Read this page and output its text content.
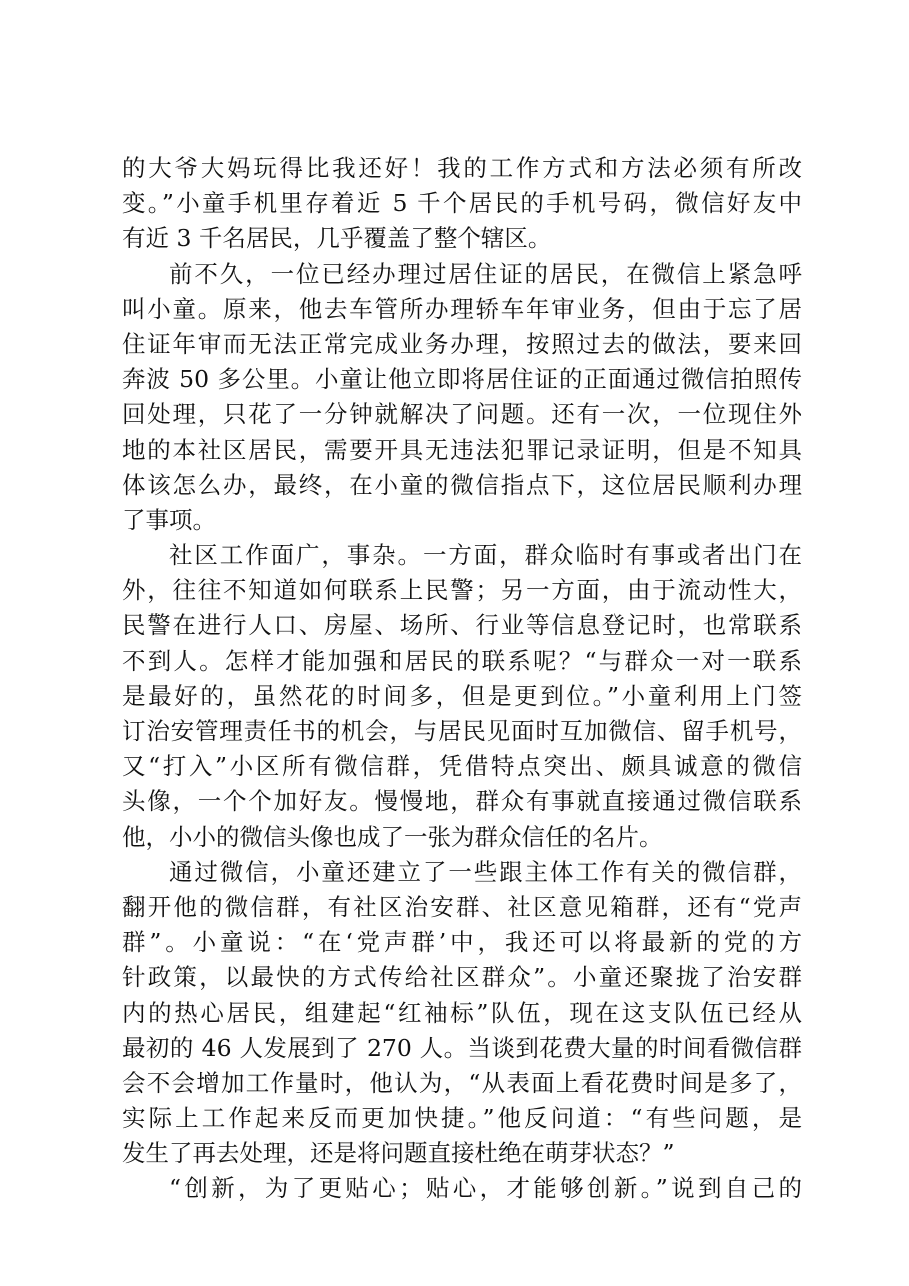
的大爷大妈玩得比我还好！我的工作方式和方法必须有所改
变。”小童手机里存着近 5 千个居民的手机号码，微信好友中
有近 3 千名居民，几乎覆盖了整个辖区。
前不久，一位已经办理过居住证的居民，在微信上紧急呼
叫小童。原来，他去车管所办理轿车年审业务，但由于忘了居
住证年审而无法正常完成业务办理，按照过去的做法，要来回
奔波 50 多公里。小童让他立即将居住证的正面通过微信拍照传
回处理，只花了一分钟就解决了问题。还有一次，一位现住外
地的本社区居民，需要开具无违法犯罪记录证明，但是不知具
体该怎么办，最终，在小童的微信指点下，这位居民顺利办理
了事项。
社区工作面广，事杂。一方面，群众临时有事或者出门在
外，往往不知道如何联系上民警；另一方面，由于流动性大，
民警在进行人口、房屋、场所、行业等信息登记时，也常联系
不到人。怎样才能加强和居民的联系呢？“与群众一对一联系
是最好的，虽然花的时间多，但是更到位。”小童利用上门签
订治安管理责任书的机会，与居民见面时互加微信、留手机号，
又“打入”小区所有微信群，凭借特点突出、颇具诚意的微信
头像，一个个加好友。慢慢地，群众有事就直接通过微信联系
他，小小的微信头像也成了一张为群众信任的名片。
通过微信，小童还建立了一些跟主体工作有关的微信群，
翻开他的微信群，有社区治安群、社区意见箱群，还有“党声
群”。小童说：“在‘党声群’中，我还可以将最新的党的方
针政策，以最快的方式传给社区群众”。小童还聚拢了治安群
内的热心居民，组建起“红袖标”队伍，现在这支队伍已经从
最初的 46 人发展到了 270 人。当谈到花费大量的时间看微信群
会不会增加工作量时，他认为，“从表面上看花费时间是多了，
实际上工作起来反而更加快捷。”他反问道：“有些问题，是
发生了再去处理，还是将问题直接杜绝在萌芽状态？”
“创新，为了更贴心；贴心，才能够创新。”说到自己的
